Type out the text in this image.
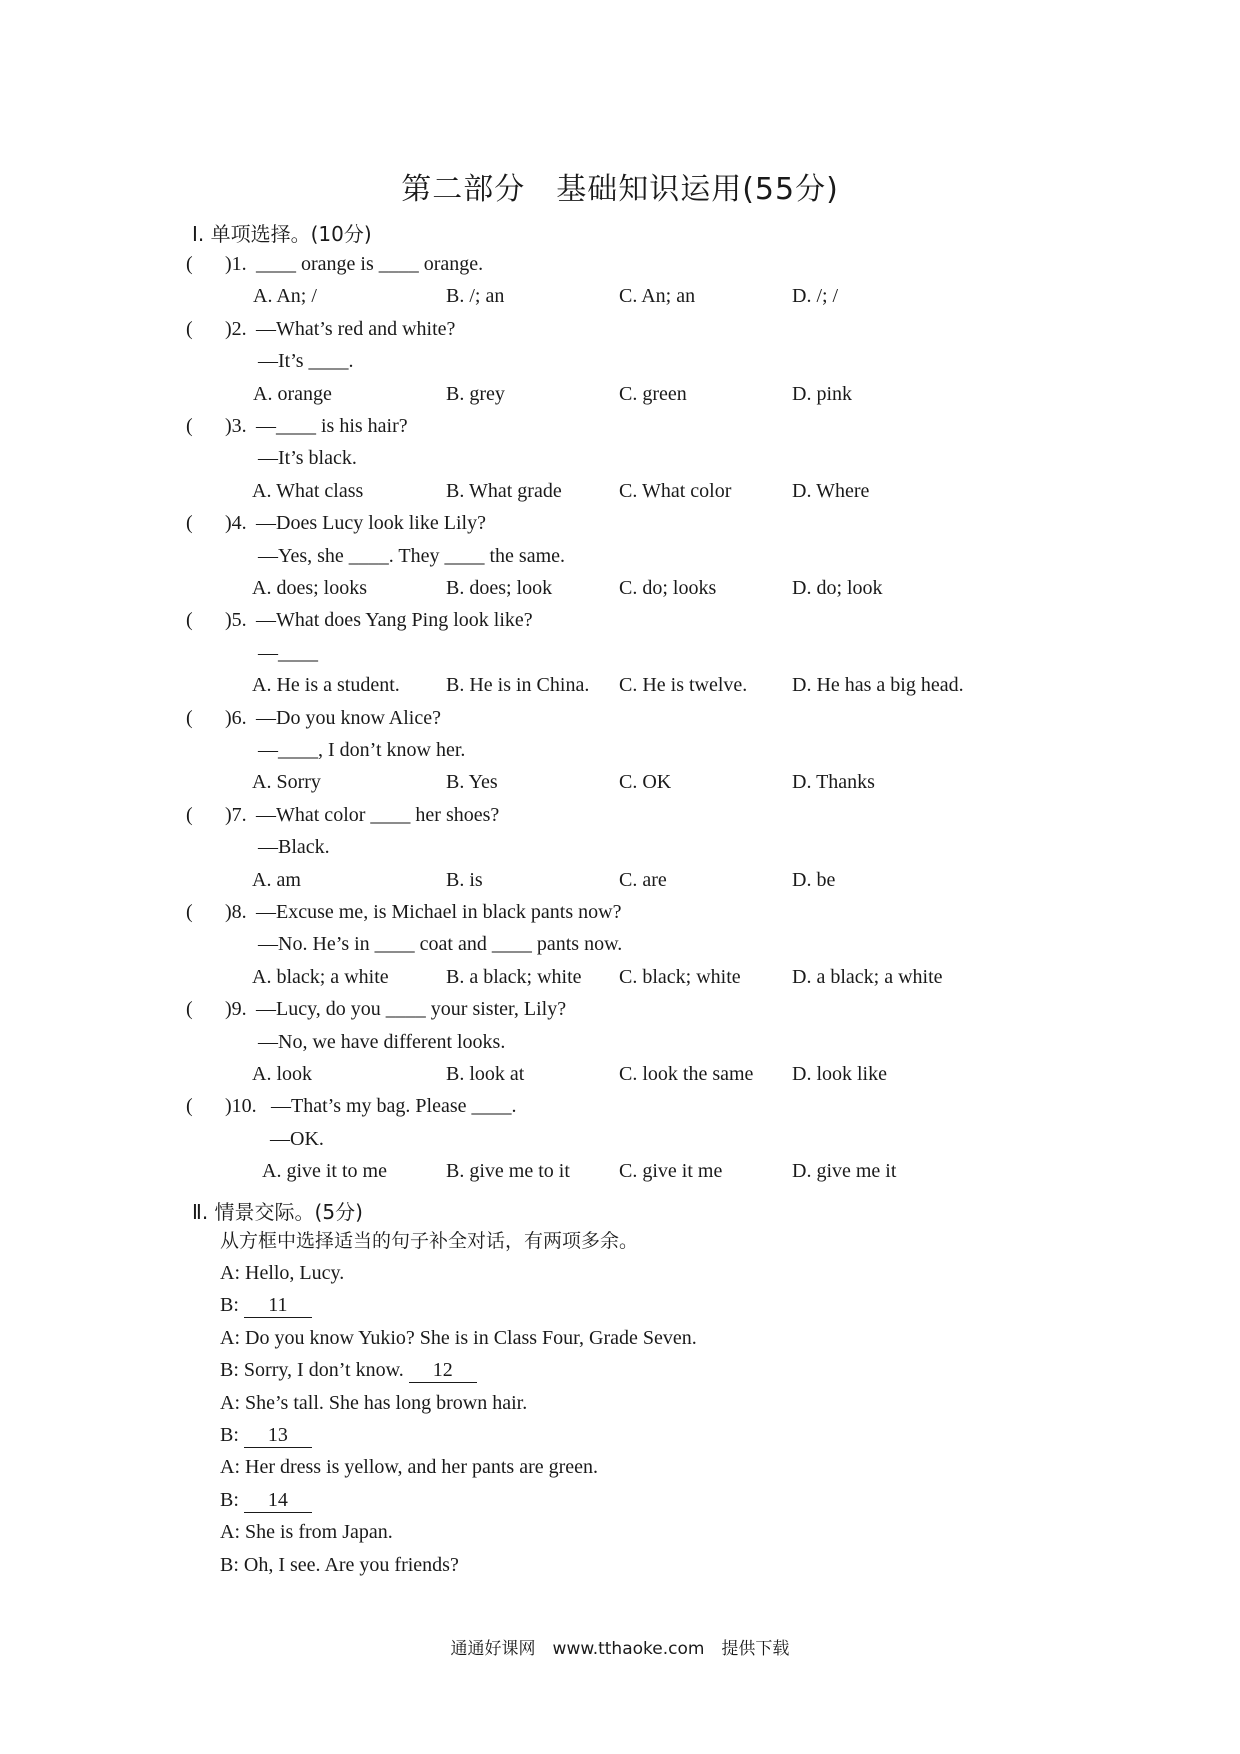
第二部分　基础知识运用(55分)
Ⅰ. 单项选择。(10分)
( )1. ____ orange is ____ orange.
A. An; /	B. /; an	C. An; an	D. /; /
( )2. —What’s red and white?
—It’s ____.
A. orange	B. grey	C. green	D. pink
( )3. —____ is his hair?
—It’s black.
A. What class	B. What grade	C. What color	D. Where
( )4. —Does Lucy look like Lily?
—Yes, she ____. They ____ the same.
A. does; looks	B. does; look	C. do; looks	D. do; look
( )5. —What does Yang Ping look like?
—____
A. He is a student. B. He is in China. C. He is twelve. D. He has a big head.
( )6. —Do you know Alice?
—____, I don’t know her.
A. Sorry	B. Yes	C. OK	D. Thanks
( )7. —What color ____ her shoes?
—Black.
A. am	B. is	C. are	D. be
( )8. —Excuse me, is Michael in black pants now?
—No. He’s in ____ coat and ____ pants now.
A. black; a white	B. a black; white C. black; white	D. a black; a white
( )9. —Lucy, do you ____ your sister, Lily?
—No, we have different looks.
A. look	B. look at	C. look the same D. look like
( )10. —That’s my bag. Please ____.
—OK.
A. give it to me	B. give me to it C. give it me	D. give me it
Ⅱ. 情景交际。(5分)
从方框中选择适当的句子补全对话，有两项多余。
A: Hello, Lucy.
B: 11
A: Do you know Yukio? She is in Class Four, Grade Seven.
B: Sorry, I don’t know. 12
A: She’s tall. She has long brown hair.
B: 13
A: Her dress is yellow, and her pants are green.
B: 14
A: She is from Japan.
B: Oh, I see. Are you friends?
通通好课网　www.tthaoke.com　提供下载
